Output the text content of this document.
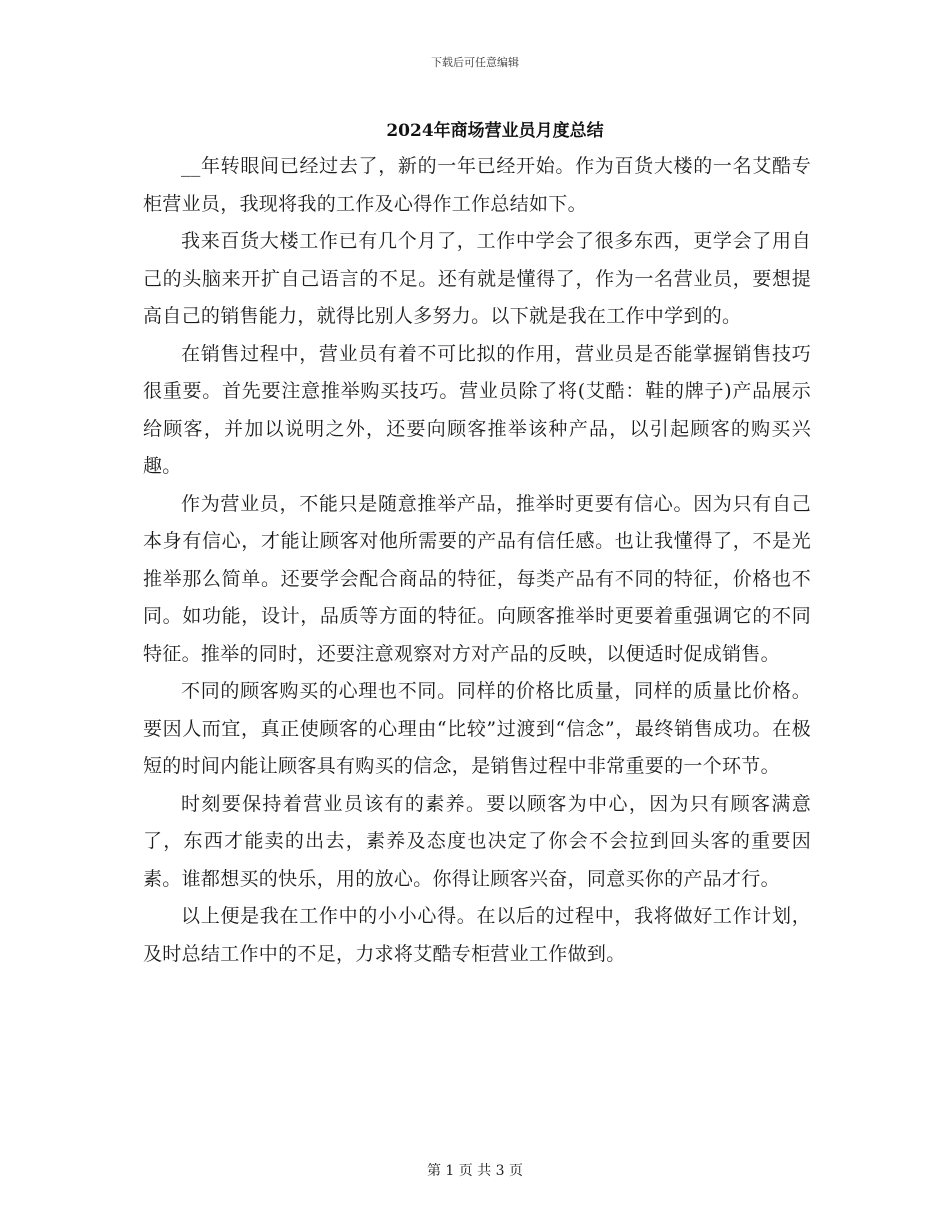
下载后可任意编辑
2024年商场营业员月度总结

__年转眼间已经过去了，新的一年已经开始。作为百货大楼的一名艾酷专柜营业员，我现将我的工作及心得作工作总结如下。

我来百货大楼工作已有几个月了，工作中学会了很多东西，更学会了用自己的头脑来开扩自己语言的不足。还有就是懂得了，作为一名营业员，要想提高自己的销售能力，就得比别人多努力。以下就是我在工作中学到的。

在销售过程中，营业员有着不可比拟的作用，营业员是否能掌握销售技巧很重要。首先要注意推举购买技巧。营业员除了将(艾酷：鞋的牌子)产品展示给顾客，并加以说明之外，还要向顾客推举该种产品，以引起顾客的购买兴趣。

作为营业员，不能只是随意推举产品，推举时更要有信心。因为只有自己本身有信心，才能让顾客对他所需要的产品有信任感。也让我懂得了，不是光推举那么简单。还要学会配合商品的特征，每类产品有不同的特征，价格也不同。如功能，设计，品质等方面的特征。向顾客推举时更要着重强调它的不同特征。推举的同时，还要注意观察对方对产品的反映，以便适时促成销售。

不同的顾客购买的心理也不同。同样的价格比质量，同样的质量比价格。要因人而宜，真正使顾客的心理由“比较”过渡到“信念”，最终销售成功。在极短的时间内能让顾客具有购买的信念，是销售过程中非常重要的一个环节。

时刻要保持着营业员该有的素养。要以顾客为中心，因为只有顾客满意了，东西才能卖的出去，素养及态度也决定了你会不会拉到回头客的重要因素。谁都想买的快乐，用的放心。你得让顾客兴奋，同意买你的产品才行。

以上便是我在工作中的小小心得。在以后的过程中，我将做好工作计划，及时总结工作中的不足，力求将艾酷专柜营业工作做到。

第 1 页 共 3 页
